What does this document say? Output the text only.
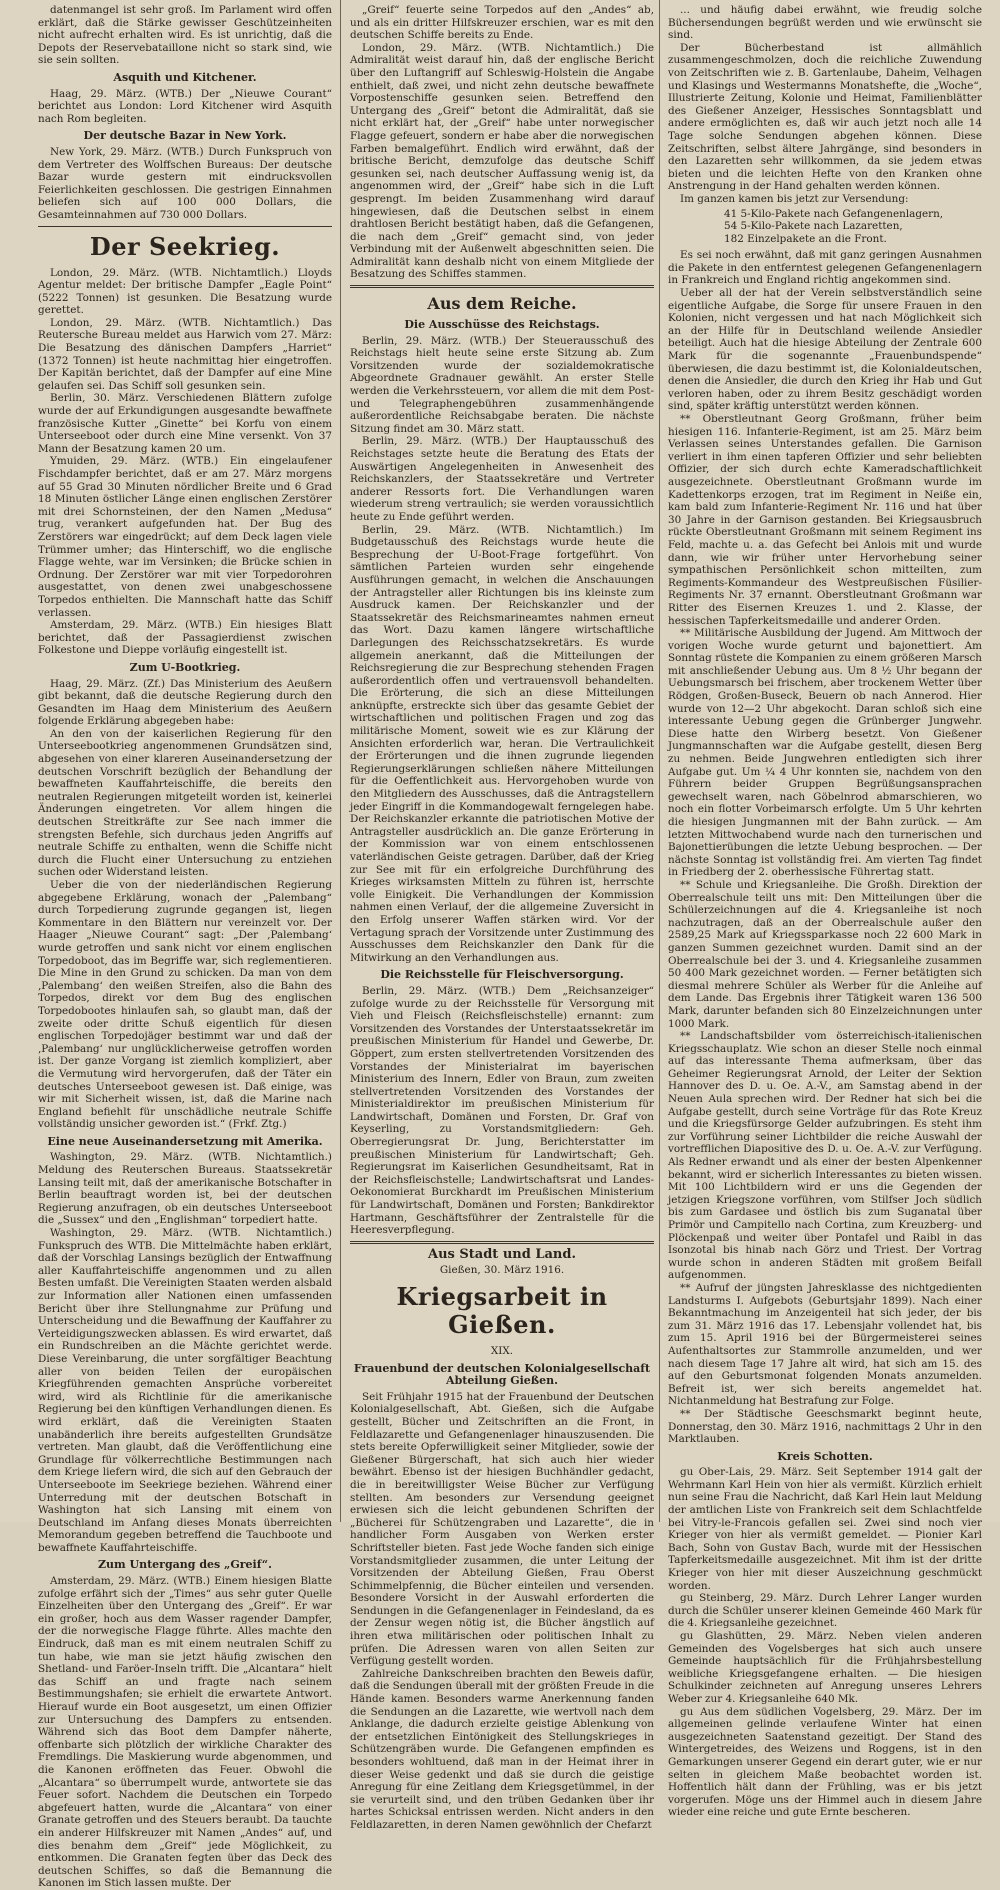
datenmangel ist sehr groß. Im Parlament wird offen erklärt, daß die Stärke gewisser Geschützeinheiten nicht aufrecht erhalten wird. Es ist unrichtig, daß die Depots der Reservebataillone nicht so stark sind, wie sie sein sollten.

Asquith und Kitchener.

Haag, 29. März. (WTB.) Der „Nieuwe Courant“ berichtet aus London: Lord Kitchener wird Asquith nach Rom begleiten.

Der deutsche Bazar in New York.

New York, 29. März. (WTB.) Durch Funkspruch von dem Vertreter des Wolffschen Bureaus: Der deutsche Bazar wurde gestern mit eindrucksvollen Feierlichkeiten geschlossen. Die gestrigen Einnahmen beliefen sich auf 100 000 Dollars, die Gesamteinnahmen auf 730 000 Dollars.

Der Seekrieg.

London, 29. März. (WTB. Nichtamtlich.) Lloyds Agentur meldet: Der britische Dampfer „Eagle Point“ (5222 Tonnen) ist gesunken. Die Besatzung wurde gerettet.

London, 29. März. (WTB. Nichtamtlich.) Das Reutersche Bureau meldet aus Harwich vom 27. März: Die Besatzung des dänischen Dampfers „Harriet“ (1372 Tonnen) ist heute nachmittag hier eingetroffen. Der Kapitän berichtet, daß der Dampfer auf eine Mine gelaufen sei. Das Schiff soll gesunken sein.

Berlin, 30. März. Verschiedenen Blättern zufolge wurde der auf Erkundigungen ausgesandte bewaffnete französische Kutter „Ginette“ bei Korfu von einem Unterseeboot oder durch eine Mine versenkt. Von 37 Mann der Besatzung kamen 20 um.

Ymuiden, 29. März. (WTB.) Ein eingelaufener Fischdampfer berichtet, daß er am 27. März morgens auf 55 Grad 30 Minuten nördlicher Breite und 6 Grad 18 Minuten östlicher Länge einen englischen Zerstörer mit drei Schornsteinen, der den Namen „Medusa“ trug, verankert aufgefunden hat. Der Bug des Zerstörers war eingedrückt; auf dem Deck lagen viele Trümmer umher; das Hinterschiff, wo die englische Flagge wehte, war im Versinken; die Brücke schien in Ordnung. Der Zerstörer war mit vier Torpedorohren ausgestattet, von denen zwei unabgeschossene Torpedos enthielten. Die Mannschaft hatte das Schiff verlassen.

Amsterdam, 29. März. (WTB.) Ein hiesiges Blatt berichtet, daß der Passagierdienst zwischen Folkestone und Dieppe vorläufig eingestellt ist.

Zum U-Bootkrieg.

Haag, 29. März. (Zf.) Das Ministerium des Aeußern gibt bekannt, daß die deutsche Regierung durch den Gesandten im Haag dem Ministerium des Aeußern folgende Erklärung abgegeben habe:

An den von der kaiserlichen Regierung für den Unterseebootkrieg angenommenen Grundsätzen sind, abgesehen von einer klareren Auseinandersetzung der deutschen Vorschrift bezüglich der Behandlung der bewaffneten Kauffahrteischiffe, die bereits den neutralen Regierungen mitgeteilt worden ist, keinerlei Änderungen eingetreten. Vor allem hingen die deutschen Streitkräfte zur See nach immer die strengsten Befehle, sich durchaus jeden Angriffs auf neutrale Schiffe zu enthalten, wenn die Schiffe nicht durch die Flucht einer Untersuchung zu entziehen suchen oder Widerstand leisten.

Ueber die von der niederländischen Regierung abgegebene Erklärung, wonach der „Palembang“ durch Torpedierung zugrunde gegangen ist, liegen Kommentare in den Blättern nur vereinzelt vor. Der Haager „Nieuwe Courant“ sagt: „Der ‚Palembang‘ wurde getroffen und sank nicht vor einem englischen Torpedoboot, das im Begriffe war, sich reglementieren. Die Mine in den Grund zu schicken. Da man von dem ‚Palembang‘ den weißen Streifen, also die Bahn des Torpedos, direkt vor dem Bug des englischen Torpedobootes hinlaufen sah, so glaubt man, daß der zweite oder dritte Schuß eigentlich für diesen englischen Torpedojäger bestimmt war und daß der ‚Palembang‘ nur unglücklicherweise getroffen worden ist. Der ganze Vorgang ist ziemlich kompliziert, aber die Vermutung wird hervorgerufen, daß der Täter ein deutsches Unterseeboot gewesen ist. Daß einige, was wir mit Sicherheit wissen, ist, daß die Marine nach England befiehlt für unschädliche neutrale Schiffe vollständig unsicher geworden ist.“ (Frkf. Ztg.)

Eine neue Auseinandersetzung mit Amerika.

Washington, 29. März. (WTB. Nichtamtlich.) Meldung des Reuterschen Bureaus. Staatssekretär Lansing teilt mit, daß der amerikanische Botschafter in Berlin beauftragt worden ist, bei der deutschen Regierung anzufragen, ob ein deutsches Unterseeboot die „Sussex“ und den „Englishman“ torpediert hatte.

Washington, 29. März. (WTB. Nichtamtlich.) Funkspruch des WTB. Die Mittelmächte haben erklärt, daß der Vorschlag Lansings bezüglich der Entwaffnung aller Kauffahrteischiffe angenommen und zu allen Besten umfaßt. Die Vereinigten Staaten werden alsbald zur Information aller Nationen einen umfassenden Bericht über ihre Stellungnahme zur Prüfung und Unterscheidung und die Bewaffnung der Kauffahrer zu Verteidigungszwecken ablassen. Es wird erwartet, daß ein Rundschreiben an die Mächte gerichtet werde. Diese Vereinbarung, die unter sorgfältiger Beachtung aller von beiden Teilen der europäischen Kriegführenden gemachten Ansprüche vorbereitet wird, wird als Richtlinie für die amerikanische Regierung bei den künftigen Verhandlungen dienen. Es wird erklärt, daß die Vereinigten Staaten unabänderlich ihre bereits aufgestellten Grundsätze vertreten. Man glaubt, daß die Veröffentlichung eine Grundlage für völkerrechtliche Bestimmungen nach dem Kriege liefern wird, die sich auf den Gebrauch der Unterseeboote im Seekriege beziehen. Während einer Unterredung mit der deutschen Botschaft in Washington hat sich Lansing mit einem von Deutschland im Anfang dieses Monats überreichten Memorandum gegeben betreffend die Tauchboote und bewaffnete Kauffahrteischiffe.

Zum Untergang des „Greif“.

Amsterdam, 29. März. (WTB.) Einem hiesigen Blatte zufolge erfährt sich der „Times“ aus sehr guter Quelle Einzelheiten über den Untergang des „Greif“. Er war ein großer, hoch aus dem Wasser ragender Dampfer, der die norwegische Flagge führte. Alles machte den Eindruck, daß man es mit einem neutralen Schiff zu tun habe, wie man sie jetzt häufig zwischen den Shetland- und Faröer-Inseln trifft. Die „Alcantara“ hielt das Schiff an und fragte nach seinem Bestimmungshafen; sie erhielt die erwartete Antwort. Hierauf wurde ein Boot ausgesetzt, um einen Offizier zur Untersuchung des Dampfers zu entsenden. Während sich das Boot dem Dampfer näherte, offenbarte sich plötzlich der wirkliche Charakter des Fremdlings. Die Maskierung wurde abgenommen, und die Kanonen eröffneten das Feuer. Obwohl die „Alcantara“ so überrumpelt wurde, antwortete sie das Feuer sofort. Nachdem die Deutschen ein Torpedo abgefeuert hatten, wurde die „Alcantara“ von einer Granate getroffen und des Steuers beraubt. Da tauchte ein anderer Hilfskreuzer mit Namen „Andes“ auf, und dies benahm dem „Greif“ jede Möglichkeit, zu entkommen. Die Granaten fegten über das Deck des deutschen Schiffes, so daß die Bemannung die Kanonen im Stich lassen mußte. Der

„Greif“ feuerte seine Torpedos auf den „Andes“ ab, und als ein dritter Hilfskreuzer erschien, war es mit den deutschen Schiffe bereits zu Ende.

London, 29. März. (WTB. Nichtamtlich.) Die Admiralität weist darauf hin, daß der englische Bericht über den Luftangriff auf Schleswig-Holstein die Angabe enthielt, daß zwei, und nicht zehn deutsche bewaffnete Vorpostenschiffe gesunken seien. Betreffend den Untergang des „Greif“ betont die Admiralität, daß sie nicht erklärt hat, der „Greif“ habe unter norwegischer Flagge gefeuert, sondern er habe aber die norwegischen Farben bemalgeführt. Endlich wird erwähnt, daß der britische Bericht, demzufolge das deutsche Schiff gesunken sei, nach deutscher Auffassung wenig ist, da angenommen wird, der „Greif“ habe sich in die Luft gesprengt. Im beiden Zusammenhang wird darauf hingewiesen, daß die Deutschen selbst in einem drahtlosen Bericht bestätigt haben, daß die Gefangenen, die nach dem „Greif“ gemacht sind, von jeder Verbindung mit der Außenwelt abgeschnitten seien. Die Admiralität kann deshalb nicht von einem Mitgliede der Besatzung des Schiffes stammen.

Aus dem Reiche.
Die Ausschüsse des Reichstags.

Berlin, 29. März. (WTB.) Der Steuerausschuß des Reichstags hielt heute seine erste Sitzung ab. Zum Vorsitzenden wurde der sozialdemokratische Abgeordnete Gradnauer gewählt. An erster Stelle werden die Verkehrssteuern, vor allem die mit dem Post- und Telegraphengebühren zusammenhängende außerordentliche Reichsabgabe beraten. Die nächste Sitzung findet am 30. März statt.

Berlin, 29. März. (WTB.) Der Hauptausschuß des Reichstages setzte heute die Beratung des Etats der Auswärtigen Angelegenheiten in Anwesenheit des Reichskanzlers, der Staatssekretäre und Vertreter anderer Ressorts fort. Die Verhandlungen waren wiederum streng vertraulich; sie werden voraussichtlich heute zu Ende geführt werden.

Berlin, 29. März. (WTB. Nichtamtlich.) Im Budgetausschuß des Reichstags wurde heute die Besprechung der U-Boot-Frage fortgeführt. Von sämtlichen Parteien wurden sehr eingehende Ausführungen gemacht, in welchen die Anschauungen der Antragsteller aller Richtungen bis ins kleinste zum Ausdruck kamen. Der Reichskanzler und der Staatssekretär des Reichsmarineamtes nahmen erneut das Wort. Dazu kamen längere wirtschaftliche Darlegungen des Reichsschatzsekretärs. Es wurde allgemein anerkannt, daß die Mitteilungen der Reichsregierung die zur Besprechung stehenden Fragen außerordentlich offen und vertrauensvoll behandelten. Die Erörterung, die sich an diese Mitteilungen anknüpfte, erstreckte sich über das gesamte Gebiet der wirtschaftlichen und politischen Fragen und zog das militärische Moment, soweit wie es zur Klärung der Ansichten erforderlich war, heran. Die Vertraulichkeit der Erörterungen und die ihnen zugrunde liegenden Regierungserklärungen schließen nähere Mitteilungen für die Oeffentlichkeit aus. Hervorgehoben wurde von den Mitgliedern des Ausschusses, daß die Antragstellern jeder Eingriff in die Kommandogewalt ferngelegen habe. Der Reichskanzler erkannte die patriotischen Motive der Antragsteller ausdrücklich an. Die ganze Erörterung in der Kommission war von einem entschlossenen vaterländischen Geiste getragen. Darüber, daß der Krieg zur See mit für ein erfolgreiche Durchführung des Krieges wirksamsten Mitteln zu führen ist, herrschte volle Einigkeit. Die Verhandlungen der Kommission nahmen einen Verlauf, der die allgemeine Zuversicht in den Erfolg unserer Waffen stärken wird. Vor der Vertagung sprach der Vorsitzende unter Zustimmung des Ausschusses dem Reichskanzler den Dank für die Mitwirkung an den Verhandlungen aus.

Die Reichsstelle für Fleischversorgung.

Berlin, 29. März. (WTB.) Dem „Reichsanzeiger“ zufolge wurde zu der Reichsstelle für Versorgung mit Vieh und Fleisch (Reichsfleischstelle) ernannt: zum Vorsitzenden des Vorstandes der Unterstaatssekretär im preußischen Ministerium für Handel und Gewerbe, Dr. Göppert, zum ersten stellvertretenden Vorsitzenden des Vorstandes der Ministerialrat im bayerischen Ministerium des Innern, Edler von Braun, zum zweiten stellvertretenden Vorsitzenden des Vorstandes der Ministerialdirektor im preußischen Ministerium für Landwirtschaft, Domänen und Forsten, Dr. Graf von Keyserling, zu Vorstandsmitgliedern: Geh. Oberregierungsrat Dr. Jung, Berichterstatter im preußischen Ministerium für Landwirtschaft; Geh. Regierungsrat im Kaiserlichen Gesundheitsamt, Rat in der Reichsfleischstelle; Landwirtschaftsrat und Landes-Oekonomierat Burckhardt im Preußischen Ministerium für Landwirtschaft, Domänen und Forsten; Bankdirektor Hartmann, Geschäftsführer der Zentralstelle für die Heeresverpflegung.

Aus Stadt und Land.
Gießen, 30. März 1916.
Kriegsarbeit in Gießen.
XIX.
Frauenbund der deutschen Kolonialgesellschaft Abteilung Gießen.

Seit Frühjahr 1915 hat der Frauenbund der Deutschen Kolonialgesellschaft, Abt. Gießen, sich die Aufgabe gestellt, Bücher und Zeitschriften an die Front, in Feldlazarette und Gefangenenlager hinauszusenden. Die stets bereite Opferwilligkeit seiner Mitglieder, sowie der Gießener Bürgerschaft, hat sich auch hier wieder bewährt. Ebenso ist der hiesigen Buchhändler gedacht, die in bereitwilligster Weise Bücher zur Verfügung stellten. Am besonders zur Versendung geeignet erwiesen sich die leicht gebundenen Schriften der „Bücherei für Schützengraben und Lazarette“, die in handlicher Form Ausgaben von Werken erster Schriftsteller bieten. Fast jede Woche fanden sich einige Vorstandsmitglieder zusammen, die unter Leitung der Vorsitzenden der Abteilung Gießen, Frau Oberst Schimmelpfennig, die Bücher einteilen und versenden. Besondere Vorsicht in der Auswahl erforderten die Sendungen in die Gefangenenlager in Feindesland, da es der Zensur wegen nötig ist, die Bücher ängstlich auf ihren etwa militärischen oder politischen Inhalt zu prüfen. Die Adressen waren von allen Seiten zur Verfügung gestellt worden.

Zahlreiche Dankschreiben brachten den Beweis dafür, daß die Sendungen überall mit der größten Freude in die Hände kamen. Besonders warme Anerkennung fanden die Sendungen an die Lazarette, wie wertvoll nach dem Anklange, die dadurch erzielte geistige Ablenkung von der entsetzlichen Eintönigkeit des Stellungskrieges in Schützengräben wurde. Die Gefangenen empfinden es besonders wohltuend, daß man in der Heimat ihrer in dieser Weise gedenkt und daß sie durch die geistige Anregung für eine Zeitlang dem Kriegsgetümmel, in der sie verurteilt sind, und den trüben Gedanken über ihr hartes Schicksal entrissen werden. Nicht anders in den Feldlazaretten, in deren Namen gewöhnlich der Chefarzt

... und häufig dabei erwähnt, wie freudig solche Büchersendungen begrüßt werden und wie erwünscht sie sind.

Der Bücherbestand ist allmählich zusammengeschmolzen, doch die reichliche Zuwendung von Zeitschriften wie z. B. Gartenlaube, Daheim, Velhagen und Klasings und Westermanns Monatshefte, die „Woche“, Illustrierte Zeitung, Kolonie und Heimat, Familienblätter des Gießener Anzeiger, Hessisches Sonntagsblatt und andere ermöglichten es, daß wir auch jetzt noch alle 14 Tage solche Sendungen abgehen können. Diese Zeitschriften, selbst ältere Jahrgänge, sind besonders in den Lazaretten sehr willkommen, da sie jedem etwas bieten und die leichten Hefte von den Kranken ohne Anstrengung in der Hand gehalten werden können.

Im ganzen kamen bis jetzt zur Versendung:

41 5-Kilo-Pakete nach Gefangenenlagern,
54 5-Kilo-Pakete nach Lazaretten,
182 Einzelpakete an die Front.

Es sei noch erwähnt, daß mit ganz geringen Ausnahmen die Pakete in den entferntest gelegenen Gefangenenlagern in Frankreich und England richtig angekommen sind.

Ueber all der hat der Verein selbstverständlich seine eigentliche Aufgabe, die Sorge für unsere Frauen in den Kolonien, nicht vergessen und hat nach Möglichkeit sich an der Hilfe für in Deutschland weilende Ansiedler beteiligt. Auch hat die hiesige Abteilung der Zentrale 600 Mark für die sogenannte „Frauenbundspende“ überwiesen, die dazu bestimmt ist, die Kolonialdeutschen, denen die Ansiedler, die durch den Krieg ihr Hab und Gut verloren haben, oder zu ihrem Besitz geschädigt worden sind, später kräftig unterstützt werden können.

** Oberstleutnant Georg Großmann, früher beim hiesigen 116. Infanterie-Regiment, ist am 25. März beim Verlassen seines Unterstandes gefallen. Die Garnison verliert in ihm einen tapferen Offizier und sehr beliebten Offizier, der sich durch echte Kameradschaftlichkeit ausgezeichnete. Oberstleutnant Großmann wurde im Kadettenkorps erzogen, trat im Regiment in Neiße ein, kam bald zum Infanterie-Regiment Nr. 116 und hat über 30 Jahre in der Garnison gestanden. Bei Kriegsausbruch rückte Oberstleutnant Großmann mit seinem Regiment ins Feld, machte u. a. das Gefecht bei Anlois mit und wurde dann, wie wir früher unter Hervorhebung seiner sympathischen Persönlichkeit schon mitteilten, zum Regiments-Kommandeur des Westpreußischen Füsilier-Regiments Nr. 37 ernannt. Oberstleutnant Großmann war Ritter des Eisernen Kreuzes 1. und 2. Klasse, der hessischen Tapferkeitsmedaille und anderer Orden.

** Militärische Ausbildung der Jugend. Am Mittwoch der vorigen Woche wurde geturnt und bajonettiert. Am Sonntag rüstete die Kompanien zu einem größeren Marsch mit anschließender Uebung aus. Um 8 ½ Uhr begann der Uebungsmarsch bei frischem, aber trockenem Wetter über Rödgen, Großen-Buseck, Beuern ob nach Annerod. Hier wurde von 12—2 Uhr abgekocht. Daran schloß sich eine interessante Uebung gegen die Grünberger Jungwehr. Diese hatte den Wirberg besetzt. Von Gießener Jungmannschaften war die Aufgabe gestellt, diesen Berg zu nehmen. Beide Jungwehren entledigten sich ihrer Aufgabe gut. Um ¼ 4 Uhr konnten sie, nachdem von den Führern beider Gruppen Begrüßungsansprachen gewechselt waren, nach Göbelnrod abmarschieren, wo noch ein flotter Vorbeimarsch erfolgte. Um 5 Uhr kehrten die hiesigen Jungmannen mit der Bahn zurück. — Am letzten Mittwochabend wurde nach den turnerischen und Bajonettierübungen die letzte Uebung besprochen. — Der nächste Sonntag ist vollständig frei. Am vierten Tag findet in Friedberg der 2. oberhessische Führertag statt.

** Schule und Kriegsanleihe. Die Großh. Direktion der Oberrealschule teilt uns mit: Den Mitteilungen über die Schülerzeichnungen auf die 4. Kriegsanleihe ist noch nachzutragen, daß an der Oberrealschule außer den 2589,25 Mark auf Kriegssparkasse noch 22 600 Mark in ganzen Summen gezeichnet wurden. Damit sind an der Oberrealschule bei der 3. und 4. Kriegsanleihe zusammen 50 400 Mark gezeichnet worden. — Ferner betätigten sich diesmal mehrere Schüler als Werber für die Anleihe auf dem Lande. Das Ergebnis ihrer Tätigkeit waren 136 500 Mark, darunter befanden sich 80 Einzelzeichnungen unter 1000 Mark.

** Landschaftsbilder vom österreichisch-italienischen Kriegsschauplatz. Wie schon an dieser Stelle noch einmal auf das interessante Thema aufmerksam, über das Geheimer Regierungsrat Arnold, der Leiter der Sektion Hannover des D. u. Oe. A.-V., am Samstag abend in der Neuen Aula sprechen wird. Der Redner hat sich bei die Aufgabe gestellt, durch seine Vorträge für das Rote Kreuz und die Kriegsfürsorge Gelder aufzubringen. Es steht ihm zur Vorführung seiner Lichtbilder die reiche Auswahl der vortrefflichen Diapositive des D. u. Oe. A.-V. zur Verfügung. Als Redner erwandt und als einer der besten Alpenkenner bekannt, wird er sicherlich Interessantes zu bieten wissen. Mit 100 Lichtbildern wird er uns die Gegenden der jetzigen Kriegszone vorführen, vom Stilfser Joch südlich bis zum Gardasee und östlich bis zum Suganatal über Primör und Campitello nach Cortina, zum Kreuzberg- und Plöckenpaß und weiter über Pontafel und Raibl in das Isonzotal bis hinab nach Görz und Triest. Der Vortrag wurde schon in anderen Städten mit großem Beifall aufgenommen.

** Aufruf der jüngsten Jahresklasse des nichtgedienten Landsturms I. Aufgebots (Geburtsjahr 1899). Nach einer Bekanntmachung im Anzeigenteil hat sich jeder, der bis zum 31. März 1916 das 17. Lebensjahr vollendet hat, bis zum 15. April 1916 bei der Bürgermeisterei seines Aufenthaltsortes zur Stammrolle anzumelden, und wer nach diesem Tage 17 Jahre alt wird, hat sich am 15. des auf den Geburtsmonat folgenden Monats anzumelden. Befreit ist, wer sich bereits angemeldet hat. Nichtanmeldung hat Bestrafung zur Folge.

** Der Städtische Geeschsmarkt beginnt heute, Donnerstag, den 30. März 1916, nachmittags 2 Uhr in den Marktlauben.

Kreis Schotten.

gu Ober-Lais, 29. März. Seit September 1914 galt der Wehrmann Karl Hein von hier als vermißt. Kürzlich erhielt nun seine Frau die Nachricht, daß Karl Hein laut Meldung der amtlichen Liste von Frankreich seit dem Schlachtfelde bei Vitry-le-Francois gefallen sei. Zwei sind noch vier Krieger von hier als vermißt gemeldet. — Pionier Karl Bach, Sohn von Gustav Bach, wurde mit der Hessischen Tapferkeitsmedaille ausgezeichnet. Mit ihm ist der dritte Krieger von hier mit dieser Auszeichnung geschmückt worden.

gu Steinberg, 29. März. Durch Lehrer Langer wurden durch die Schüler unserer kleinen Gemeinde 460 Mark für die 4. Kriegsanleihe gezeichnet.

gu Glashütten, 29. März. Neben vielen anderen Gemeinden des Vogelsberges hat sich auch unsere Gemeinde hauptsächlich für die Frühjahrsbestellung weibliche Kriegsgefangene erhalten. — Die hiesigen Schulkinder zeichneten auf Anregung unseres Lehrers Weber zur 4. Kriegsanleihe 640 Mk.

gu Aus dem südlichen Vogelsberg, 29. März. Der im allgemeinen gelinde verlaufene Winter hat einen ausgezeichneten Saatenstand gezeitigt. Der Stand des Wintergetreides, des Weizens und Roggens, ist in den Gemarkungen unserer Gegend ein derart guter, wie er nur selten in gleichem Maße beobachtet worden ist. Hoffentlich hält dann der Frühling, was er bis jetzt vorgerufen. Möge uns der Himmel auch in diesem Jahre wieder eine reiche und gute Ernte bescheren.
